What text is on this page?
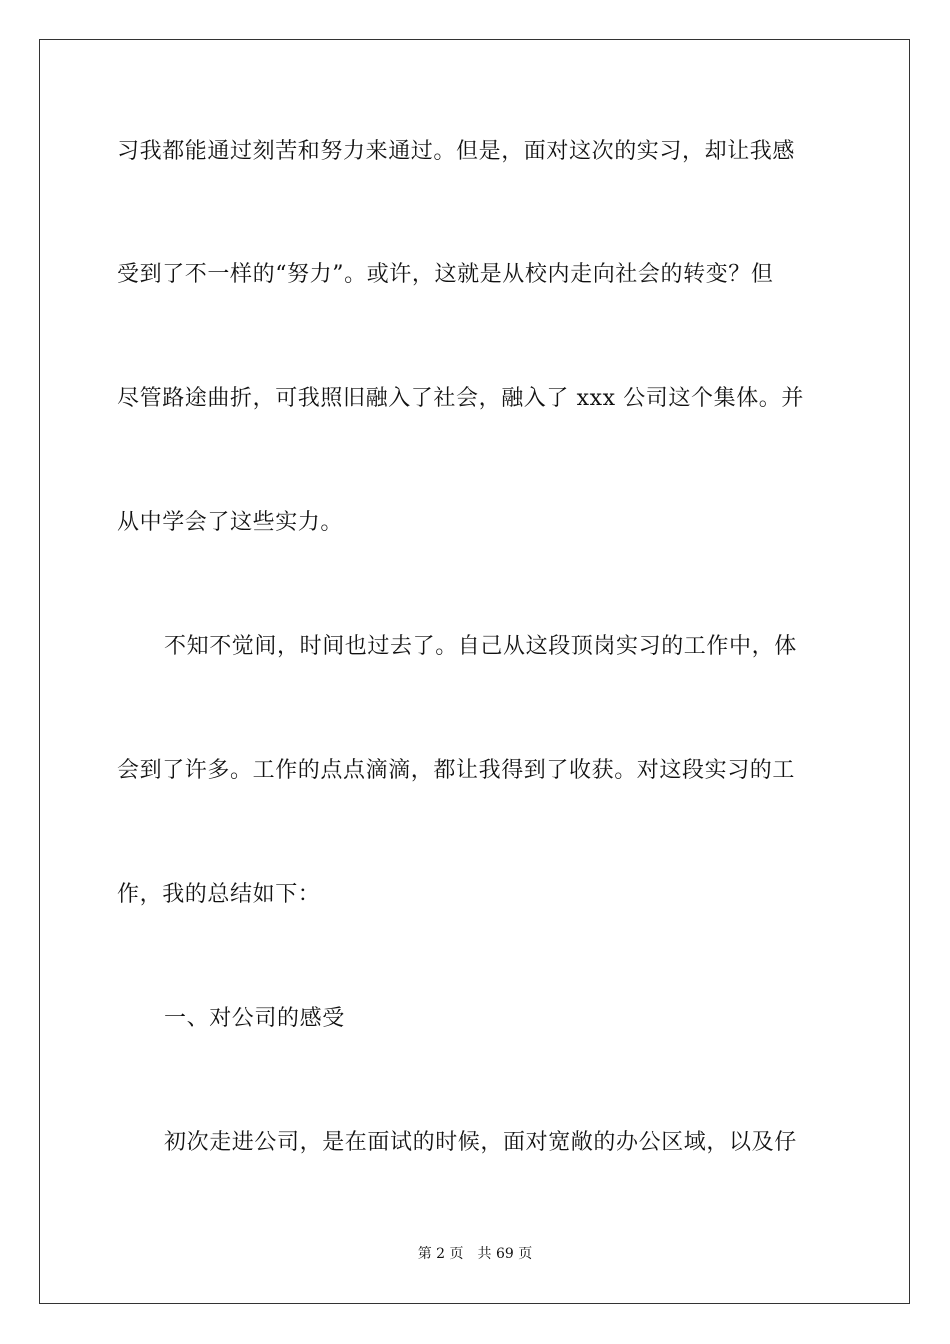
习我都能通过刻苦和努力来通过。但是，面对这次的实习，却让我感
受到了不一样的“努力”。或许，这就是从校内走向社会的转变？但
尽管路途曲折，可我照旧融入了社会，融入了 xxx 公司这个集体。并
从中学会了这些实力。
不知不觉间，时间也过去了。自己从这段顶岗实习的工作中，体
会到了许多。工作的点点滴滴，都让我得到了收获。对这段实习的工
作，我的总结如下：
一、对公司的感受
初次走进公司，是在面试的时候，面对宽敞的办公区域，以及仔
第 2 页 共 69 页
